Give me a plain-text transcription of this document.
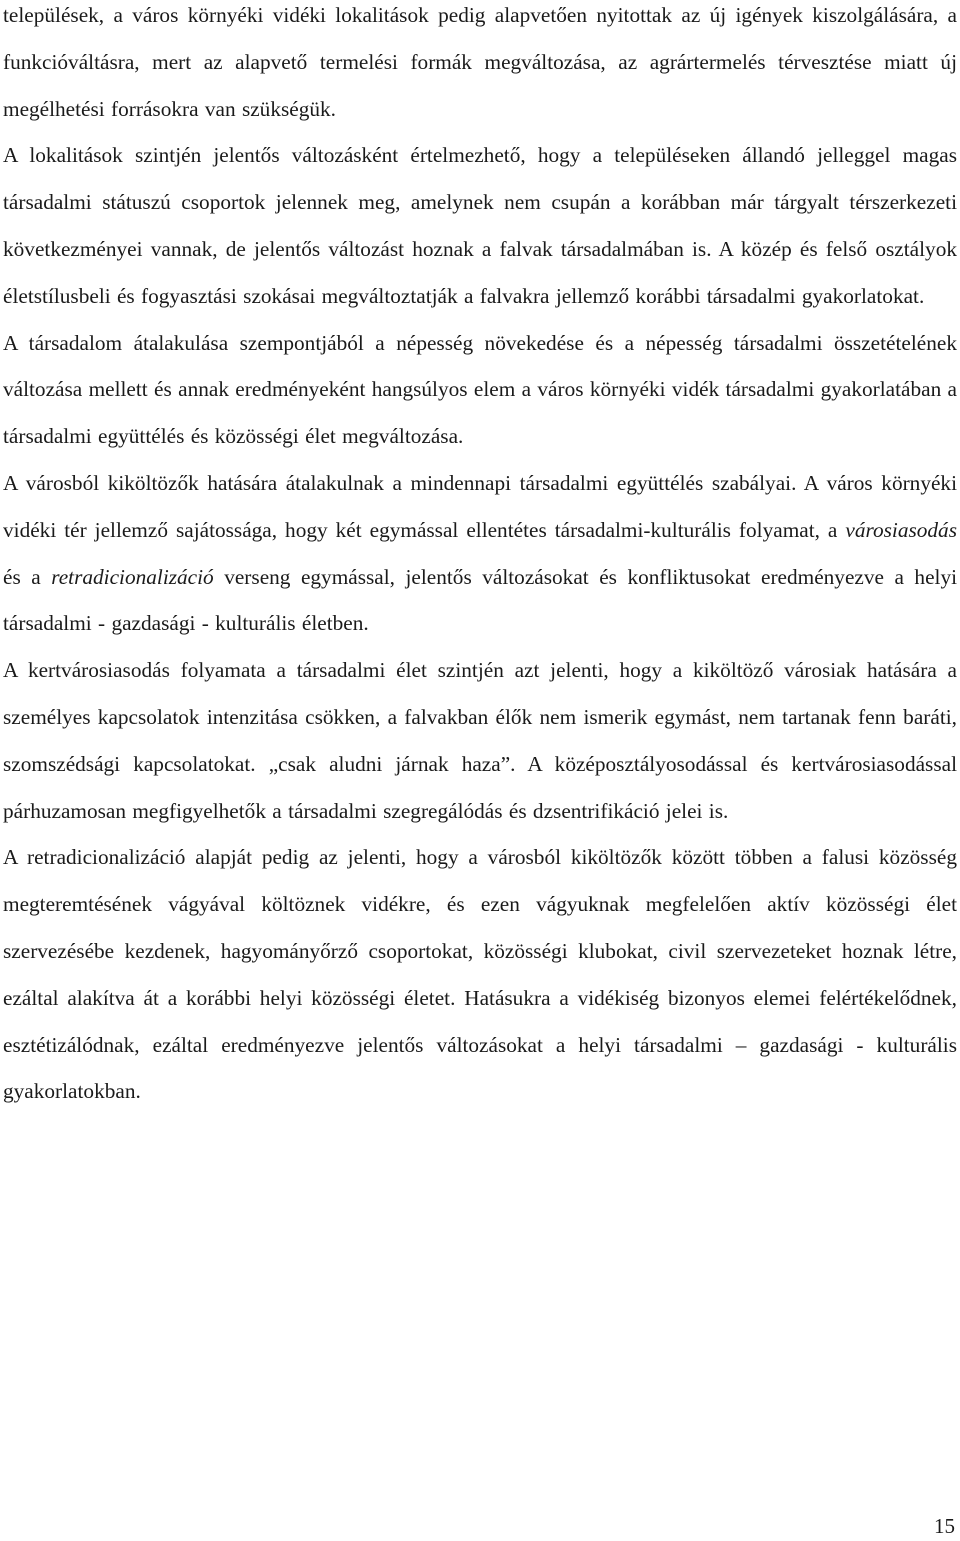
települések, a város környéki vidéki lokalitások pedig alapvetően nyitottak az új igények kiszolgálására, a funkcióváltásra, mert az alapvető termelési formák megváltozása, az agrártermelés térvesztése miatt új megélhetési forrásokra van szükségük.

A lokalitások szintjén jelentős változásként értelmezhető, hogy a településeken állandó jelleggel magas társadalmi státuszú csoportok jelennek meg, amelynek nem csupán a korábban már tárgyalt térszerkezeti következményei vannak, de jelentős változást hoznak a falvak társadalmában is. A közép és felső osztályok életstílusbeli és fogyasztási szokásai megváltoztatják a falvakra jellemző korábbi társadalmi gyakorlatokat.

A társadalom átalakulása szempontjából a népesség növekedése és a népesség társadalmi összetételének változása mellett és annak eredményeként hangsúlyos elem a város környéki vidék társadalmi gyakorlatában a társadalmi együttélés és közösségi élet megváltozása.

A városból kiköltözők hatására átalakulnak a mindennapi társadalmi együttélés szabályai. A város környéki vidéki tér jellemző sajátossága, hogy két egymással ellentétes társadalmi-kulturális folyamat, a városiasodás és a retradicionalizáció verseng egymással, jelentős változásokat és konfliktusokat eredményezve a helyi társadalmi - gazdasági - kulturális életben.

A kertvárosiasodás folyamata a társadalmi élet szintjén azt jelenti, hogy a kiköltöző városiak hatására a személyes kapcsolatok intenzitása csökken, a falvakban élők nem ismerik egymást, nem tartanak fenn baráti, szomszédsági kapcsolatokat. „csak aludni járnak haza”. A középosztályosodással és kertvárosiasodással párhuzamosan megfigyelhetők a társadalmi szegregálódás és dzsentrifikáció jelei is.

A retradicionalizáció alapját pedig az jelenti, hogy a városból kiköltözők között többen a falusi közösség megteremtésének vágyával költöznek vidékre, és ezen vágyuknak megfelelően aktív közösségi élet szervezésébe kezdenek, hagyományőrző csoportokat, közösségi klubokat, civil szervezeteket hoznak létre, ezáltal alakítva át a korábbi helyi közösségi életet. Hatásukra a vidékiség bizonyos elemei felértékelődnek, esztétizálódnak, ezáltal eredményezve jelentős változásokat a helyi társadalmi – gazdasági - kulturális gyakorlatokban.

15
